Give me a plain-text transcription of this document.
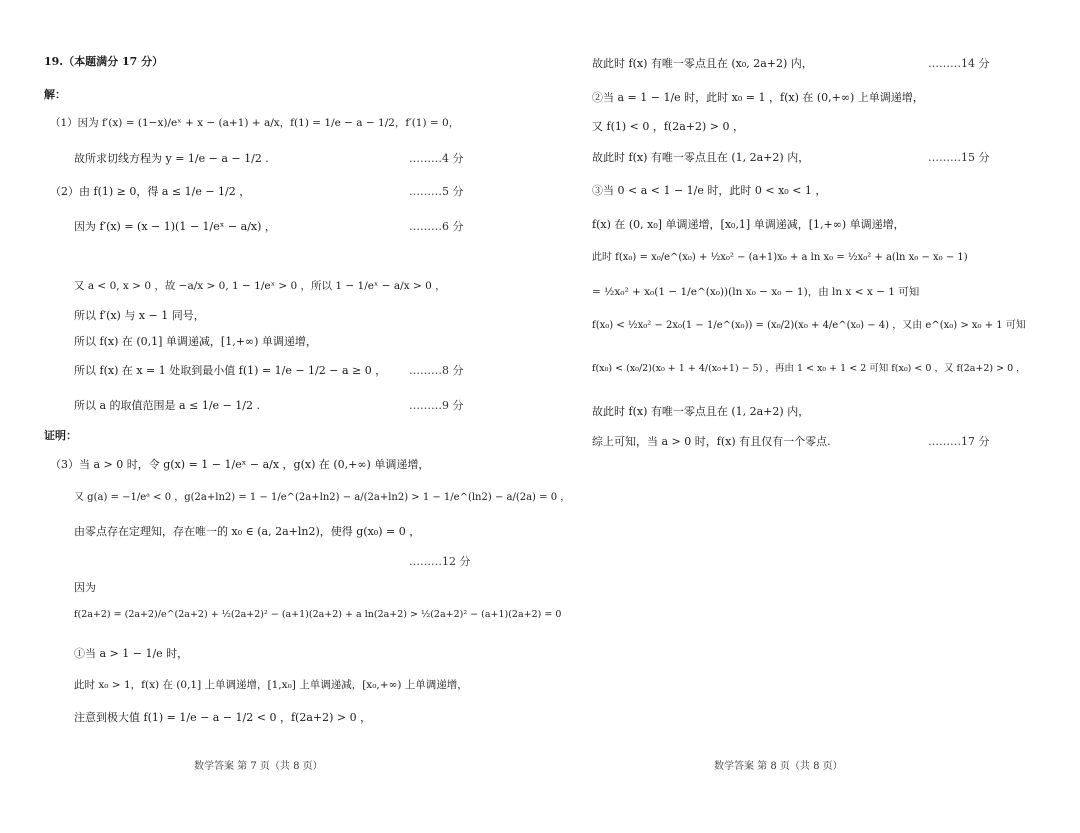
19.（本题满分 17 分）
解：
（1）因为 f′(x) = (1−x)/eˣ + x − (a+1) + a/x，f(1) = 1/e − a − 1/2，f′(1) = 0，
故所求切线方程为 y = 1/e − a − 1/2 .	………4 分
（2）由 f(1) ≥ 0，得 a ≤ 1/e − 1/2 ，	………5 分
因为 f′(x) = (x − 1)(1 − 1/eˣ − a/x) ，	………6 分
又 a < 0, x > 0 ，故 −a/x > 0, 1 − 1/eˣ > 0 ，所以 1 − 1/eˣ − a/x > 0 ，
所以 f′(x) 与 x − 1 同号，
所以 f(x) 在 (0,1] 单调递减，[1,+∞) 单调递增，
所以 f(x) 在 x = 1 处取到最小值 f(1) = 1/e − 1/2 − a ≥ 0 ， ………8 分
所以 a 的取值范围是 a ≤ 1/e − 1/2 .	………9 分
证明：
（3）当 a > 0 时，令 g(x) = 1 − 1/eˣ − a/x ，g(x) 在 (0,+∞) 单调递增，
又 g(a) = −1/eᵃ < 0 ，g(2a+ln2) = 1 − 1/e^(2a+ln2) − a/(2a+ln2) > 1 − 1/e^(ln2) − a/(2a) = 0 ，
由零点存在定理知，存在唯一的 x₀ ∈ (a, 2a+ln2)，使得 g(x₀) = 0 ，
………12 分
因为
f(2a+2) = (2a+2)/e^(2a+2) + ½(2a+2)² − (a+1)(2a+2) + a ln(2a+2) > ½(2a+2)² − (a+1)(2a+2) = 0
①当 a > 1 − 1/e 时，
此时 x₀ > 1，f(x) 在 (0,1] 上单调递增，[1,x₀] 上单调递减，[x₀,+∞) 上单调递增，
注意到极大值 f(1) = 1/e − a − 1/2 < 0 ，f(2a+2) > 0 ，
数学答案 第 7 页（共 8 页）
故此时 f(x) 有唯一零点且在 (x₀, 2a+2) 内，	………14 分
②当 a = 1 − 1/e 时，此时 x₀ = 1 ，f(x) 在 (0,+∞) 上单调递增，
又 f(1) < 0 ，f(2a+2) > 0 ，
故此时 f(x) 有唯一零点且在 (1, 2a+2) 内，	………15 分
③当 0 < a < 1 − 1/e 时，此时 0 < x₀ < 1 ，
f(x) 在 (0, x₀] 单调递增，[x₀,1] 单调递减，[1,+∞) 单调递增，
此时 f(x₀) = x₀/e^(x₀) + ½x₀² − (a+1)x₀ + a ln x₀ = ½x₀² + a(ln x₀ − x₀ − 1)
= ½x₀² + x₀(1 − 1/e^(x₀))(ln x₀ − x₀ − 1)，由 ln x < x − 1 可知
f(x₀) < ½x₀² − 2x₀(1 − 1/e^(x₀)) = (x₀/2)(x₀ + 4/e^(x₀) − 4) ，又由 e^(x₀) > x₀ + 1 可知
f(x₀) < (x₀/2)(x₀ + 1 + 4/(x₀+1) − 5) ，再由 1 < x₀ + 1 < 2 可知 f(x₀) < 0 ，又 f(2a+2) > 0 ，
故此时 f(x) 有唯一零点且在 (1, 2a+2) 内，
综上可知，当 a > 0 时，f(x) 有且仅有一个零点.	………17 分
数学答案 第 8 页（共 8 页）
